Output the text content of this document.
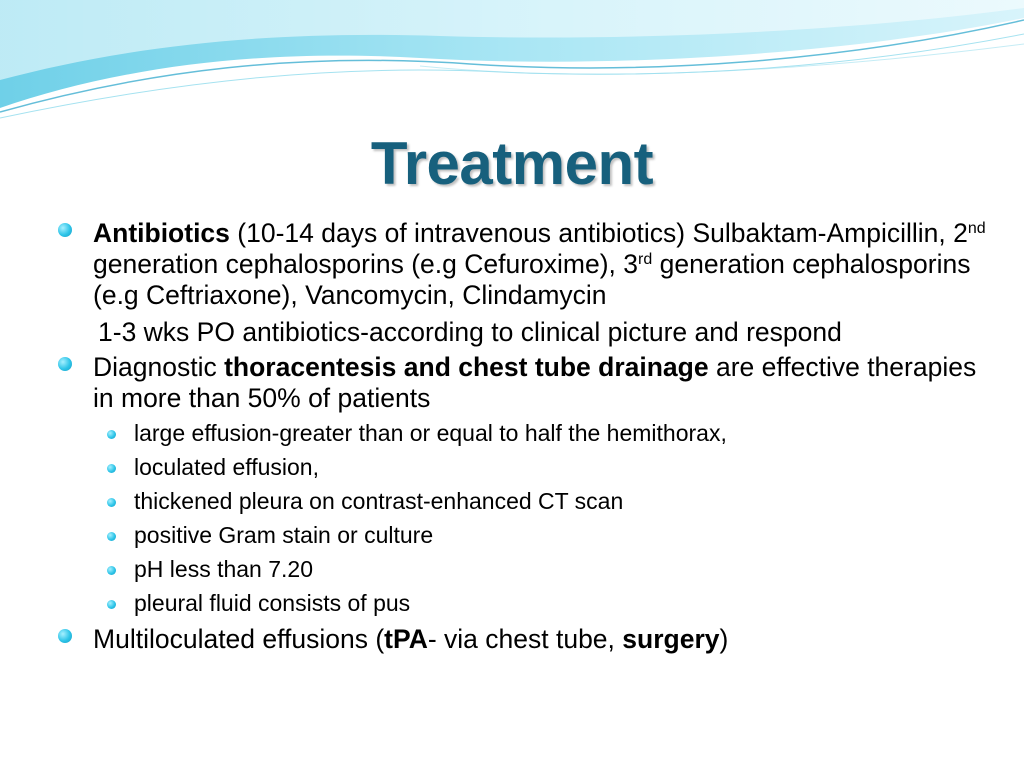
Treatment

Antibiotics (10-14 days of intravenous antibiotics) Sulbaktam-Ampicillin, 2nd generation cephalosporins (e.g Cefuroxime), 3rd generation cephalosporins (e.g Ceftriaxone), Vancomycin, Clindamycin

1-3 wks PO antibiotics-according to clinical picture and respond

Diagnostic thoracentesis and chest tube drainage are effective therapies in more than 50% of patients

large effusion-greater than or equal to half the hemithorax,

loculated effusion,

thickened pleura on contrast-enhanced CT scan

positive Gram stain or culture

pH less than 7.20

pleural fluid consists of pus

Multiloculated effusions (tPA- via chest tube, surgery)
